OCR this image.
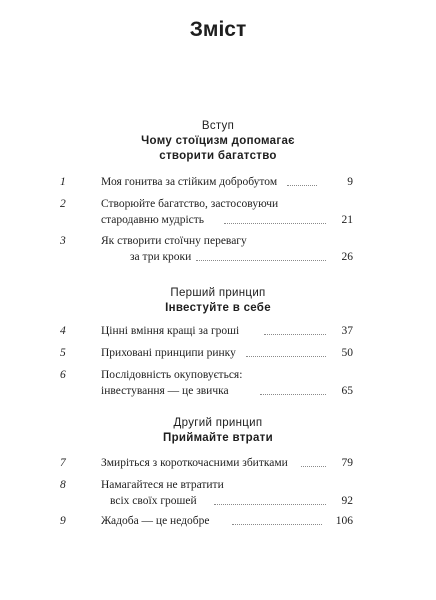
Зміст
Вступ
Чому стоїцизм допомагає
створити багатство
1	Моя гонитва за стійким добробутом	9
2	Створюйте багатство, застосовуючи
стародавню мудрість	21
3	Як створити стоїчну перевагу
за три кроки	26
Перший принцип
Інвестуйте в себе
4	Цінні вміння кращі за гроші	37
5	Приховані принципи ринку	50
6	Послідовність окуповується:
інвестування — це звичка	65
Другий принцип
Приймайте втрати
7	Змиріться з короткочасними збитками	79
8	Намагайтеся не втратити
всіх своїх грошей	92
9	Жадоба — це недобре	106
